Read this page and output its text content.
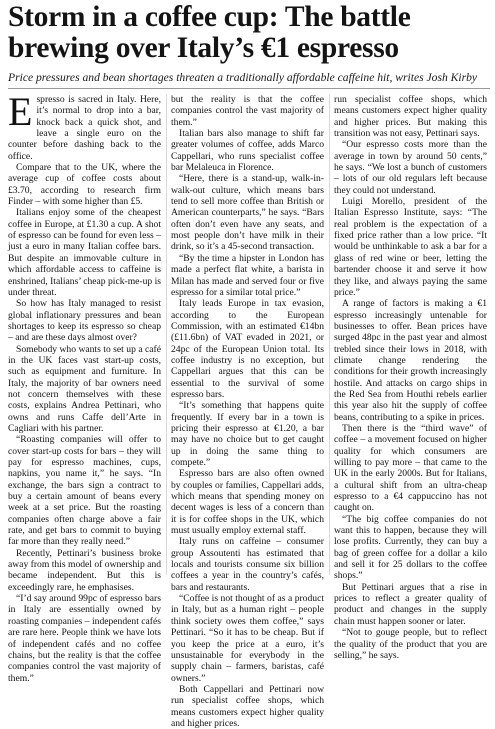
Storm in a coffee cup: The battle brewing over Italy’s €1 espresso

Price pressures and bean shortages threaten a traditionally affordable caffeine hit, writes Josh Kirby

Espresso is sacred in Italy. Here, it’s normal to drop into a bar, knock back a quick shot, and leave a single euro on the counter before dashing back to the office.

Compare that to the UK, where the average cup of coffee costs about £3.70, according to research firm Finder – with some higher than £5.

Italians enjoy some of the cheapest coffee in Europe, at £1.30 a cup. A shot of espresso can be found for even less – just a euro in many Italian coffee bars. But despite an immovable culture in which affordable access to caffeine is enshrined, Italians’ cheap pick-me-up is under threat.

So how has Italy managed to resist global inflationary pressures and bean shortages to keep its espresso so cheap – and are these days almost over?

Somebody who wants to set up a café in the UK faces vast start-up costs, such as equipment and furniture. In Italy, the majority of bar owners need not concern themselves with these costs, explains Andrea Pettinari, who owns and runs Caffe dell’Arte in Cagliari with his partner.

“Roasting companies will offer to cover start-up costs for bars – they will pay for espresso machines, cups, napkins, you name it,” he says. “In exchange, the bars sign a contract to buy a certain amount of beans every week at a set price. But the roasting companies often charge above a fair rate, and get bars to commit to buying far more than they really need.”

Recently, Pettinari’s business broke away from this model of ownership and became independent. But this is exceedingly rare, he emphasises.

“I’d say around 99pc of espresso bars in Italy are essentially owned by roasting companies – independent cafés are rare here. People think we have lots of independent cafés and no coffee chains, but the reality is that the coffee companies control the vast majority of them.”

but the reality is that the coffee companies control the vast majority of them.”

Italian bars also manage to shift far greater volumes of coffee, adds Marco Cappellari, who runs specialist coffee bar Melaleuca in Florence.

“Here, there is a stand-up, walk-in-walk-out culture, which means bars tend to sell more coffee than British or American counterparts,” he says. “Bars often don’t even have any seats, and most people don’t have milk in their drink, so it’s a 45-second transaction.

“By the time a hipster in London has made a perfect flat white, a barista in Milan has made and served four or five espresso for a similar total price.”

Italy leads Europe in tax evasion, according to the European Commission, with an estimated €14bn (£11.6bn) of VAT evaded in 2021, or 24pc of the European Union total. Its coffee industry is no exception, but Cappellari argues that this can be essential to the survival of some espresso bars.

“It’s something that happens quite frequently. If every bar in a town is pricing their espresso at €1.20, a bar may have no choice but to get caught up in doing the same thing to compete.”

Espresso bars are also often owned by couples or families, Cappellari adds, which means that spending money on decent wages is less of a concern than it is for coffee shops in the UK, which must usually employ external staff.

Italy runs on caffeine – consumer group Assoutenti has estimated that locals and tourists consume six billion coffees a year in the country’s cafés, bars and restaurants.

“Coffee is not thought of as a product in Italy, but as a human right – people think society owes them coffee,” says Pettinari. “So it has to be cheap. But if you keep the price at a euro, it’s unsustainable for everybody in the supply chain – farmers, baristas, café owners.”

Both Cappellari and Pettinari now run specialist coffee shops, which means customers expect higher quality and higher prices.

run specialist coffee shops, which means customers expect higher quality and higher prices. But making this transition was not easy, Pettinari says.

“Our espresso costs more than the average in town by around 50 cents,” he says. “We lost a bunch of customers – lots of our old regulars left because they could not understand.

Luigi Morello, president of the Italian Espresso Institute, says: “The real problem is the expectation of a fixed price rather than a low price. “It would be unthinkable to ask a bar for a glass of red wine or beer, letting the bartender choose it and serve it how they like, and always paying the same price.”

A range of factors is making a €1 espresso increasingly untenable for businesses to offer. Bean prices have surged 48pc in the past year and almost trebled since their lows in 2018, with climate change rendering the conditions for their growth increasingly hostile. And attacks on cargo ships in the Red Sea from Houthi rebels earlier this year also hit the supply of coffee beans, contributing to a spike in prices.

Then there is the “third wave” of coffee – a movement focused on higher quality for which consumers are willing to pay more – that came to the UK in the early 2000s. But for Italians, a cultural shift from an ultra-cheap espresso to a €4 cappuccino has not caught on.

“The big coffee companies do not want this to happen, because they will lose profits. Currently, they can buy a bag of green coffee for a dollar a kilo and sell it for 25 dollars to the coffee shops.”

But Pettinari argues that a rise in prices to reflect a greater quality of product and changes in the supply chain must happen sooner or later.

“Not to gouge people, but to reflect the quality of the product that you are selling,” he says.
